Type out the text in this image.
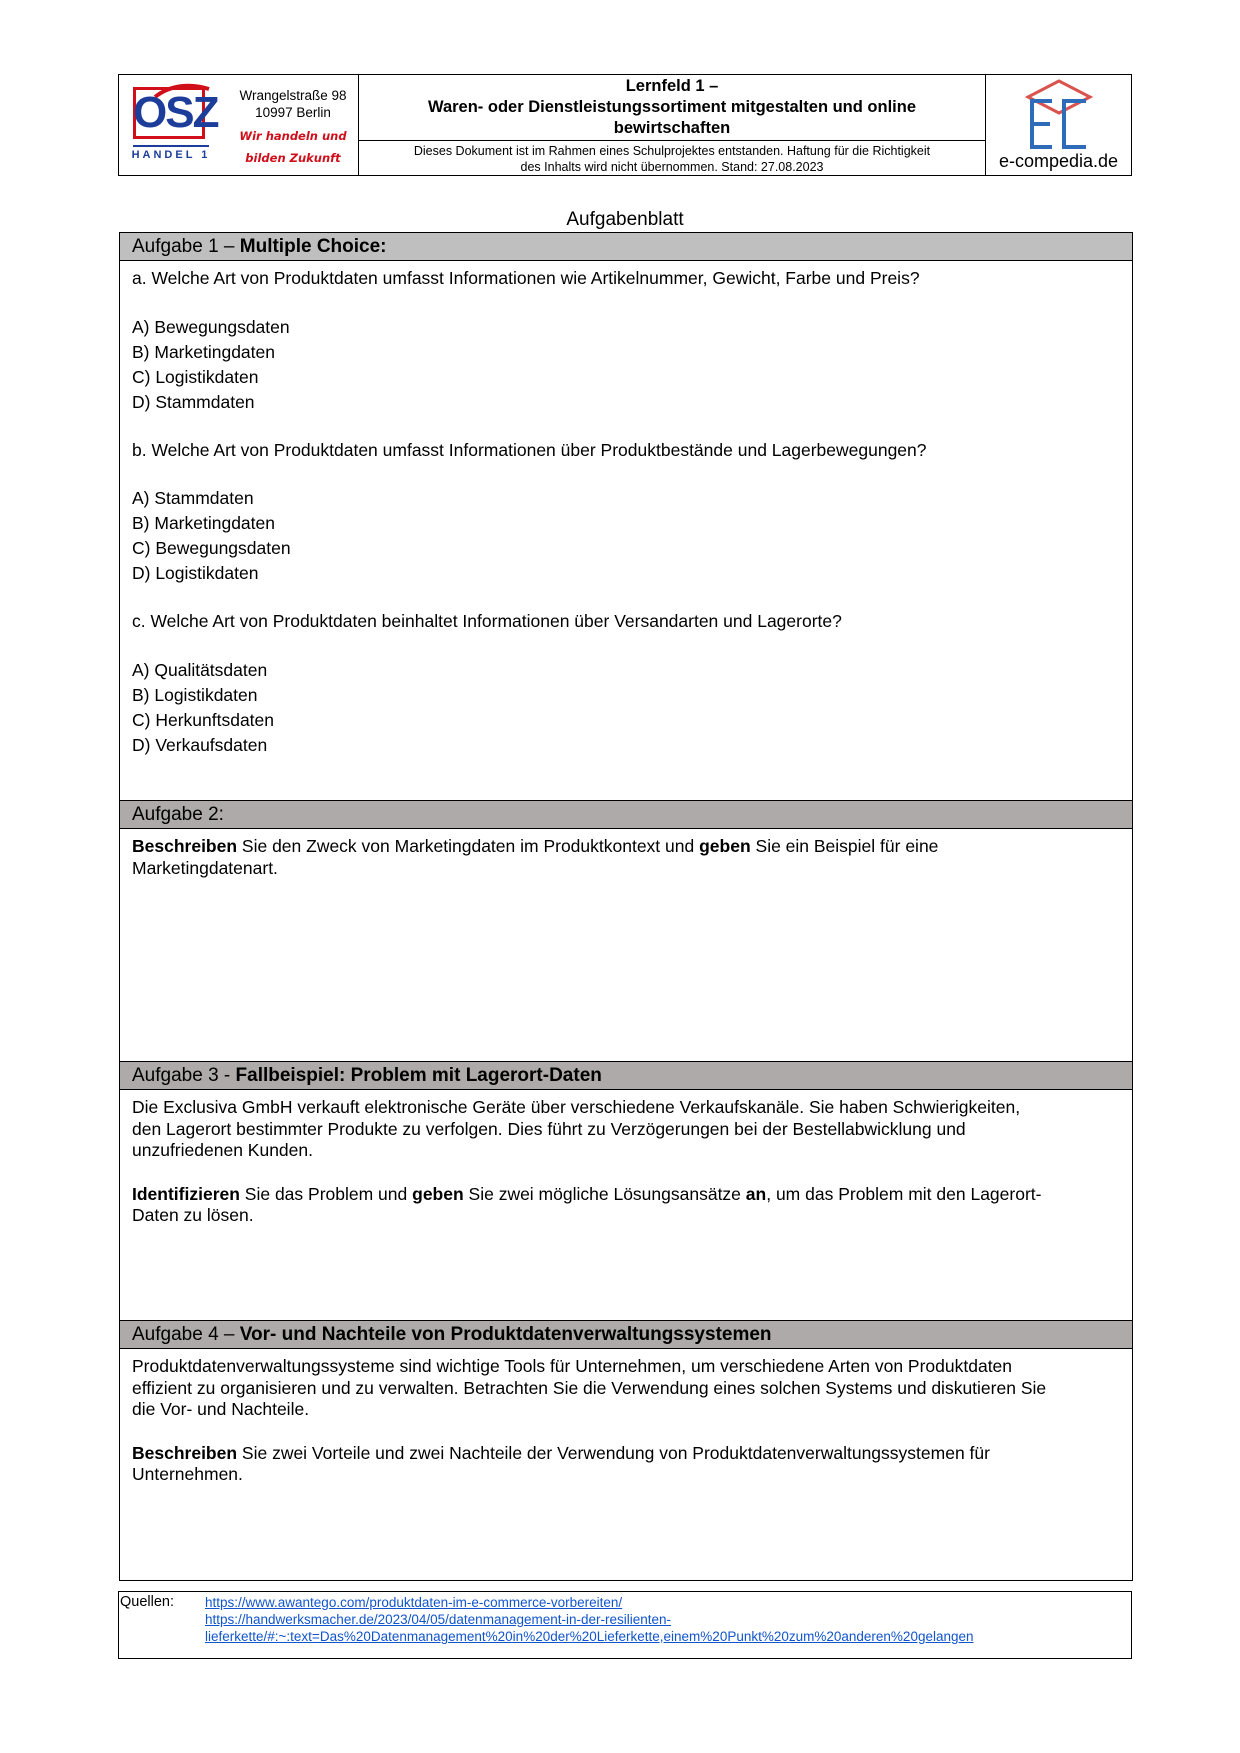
OSZ
HANDEL 1
Wrangelstraße 98
10997 Berlin
Wir handeln und
bilden Zukunft
Lernfeld 1 –
Waren- oder Dienstleistungssortiment mitgestalten und online
bewirtschaften
Dieses Dokument ist im Rahmen eines Schulprojektes entstanden. Haftung für die Richtigkeit
des Inhalts wird nicht übernommen. Stand: 27.08.2023	e-compedia.de
Aufgabenblatt
Aufgabe 1 – Multiple Choice:

a. Welche Art von Produktdaten umfasst Informationen wie Artikelnummer, Gewicht, Farbe und Preis?

A) Bewegungsdaten

B) Marketingdaten

C) Logistikdaten

D) Stammdaten

b. Welche Art von Produktdaten umfasst Informationen über Produktbestände und Lagerbewegungen?

A) Stammdaten

B) Marketingdaten

C) Bewegungsdaten

D) Logistikdaten

c. Welche Art von Produktdaten beinhaltet Informationen über Versandarten und Lagerorte?

A) Qualitätsdaten

B) Logistikdaten

C) Herkunftsdaten

D) Verkaufsdaten

Aufgabe 2:

Beschreiben Sie den Zweck von Marketingdaten im Produktkontext und geben Sie ein Beispiel für eine

Marketingdatenart.

Aufgabe 3 - Fallbeispiel: Problem mit Lagerort-Daten

Die Exclusiva GmbH verkauft elektronische Geräte über verschiedene Verkaufskanäle. Sie haben Schwierigkeiten,

den Lagerort bestimmter Produkte zu verfolgen. Dies führt zu Verzögerungen bei der Bestellabwicklung und

unzufriedenen Kunden.

Identifizieren Sie das Problem und geben Sie zwei mögliche Lösungsansätze an, um das Problem mit den Lagerort-

Daten zu lösen.

Aufgabe 4 – Vor- und Nachteile von Produktdatenverwaltungssystemen

Produktdatenverwaltungssysteme sind wichtige Tools für Unternehmen, um verschiedene Arten von Produktdaten

effizient zu organisieren und zu verwalten. Betrachten Sie die Verwendung eines solchen Systems und diskutieren Sie

die Vor- und Nachteile.

Beschreiben Sie zwei Vorteile und zwei Nachteile der Verwendung von Produktdatenverwaltungssystemen für

Unternehmen.

Quellen: https://www.awantego.com/produktdaten-im-e-commerce-vorbereiten/
https://handwerksmacher.de/2023/04/05/datenmanagement-in-der-resilienten-
lieferkette/#:~:text=Das%20Datenmanagement%20in%20der%20Lieferkette,einem%20Punkt%20zum%20anderen%20gelangen
